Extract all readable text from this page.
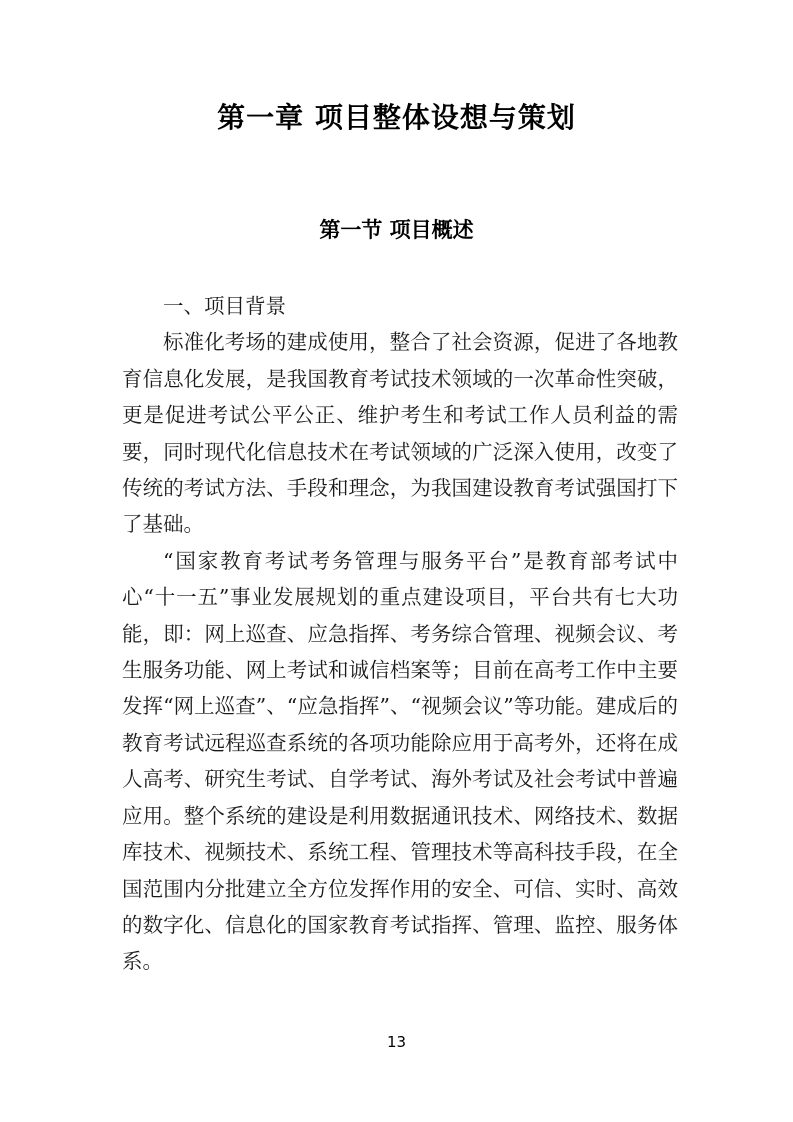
第一章 项目整体设想与策划
第一节 项目概述

一、项目背景

标准化考场的建成使用，整合了社会资源，促进了各地教育信息化发展，是我国教育考试技术领域的一次革命性突破，更是促进考试公平公正、维护考生和考试工作人员利益的需要，同时现代化信息技术在考试领域的广泛深入使用，改变了传统的考试方法、手段和理念，为我国建设教育考试强国打下了基础。

“国家教育考试考务管理与服务平台”是教育部考试中心“十一五”事业发展规划的重点建设项目，平台共有七大功能，即：网上巡查、应急指挥、考务综合管理、视频会议、考生服务功能、网上考试和诚信档案等；目前在高考工作中主要发挥“网上巡查”、“应急指挥”、“视频会议”等功能。建成后的教育考试远程巡查系统的各项功能除应用于高考外，还将在成人高考、研究生考试、自学考试、海外考试及社会考试中普遍应用。整个系统的建设是利用数据通讯技术、网络技术、数据库技术、视频技术、系统工程、管理技术等高科技手段，在全国范围内分批建立全方位发挥作用的安全、可信、实时、高效的数字化、信息化的国家教育考试指挥、管理、监控、服务体系。

13
